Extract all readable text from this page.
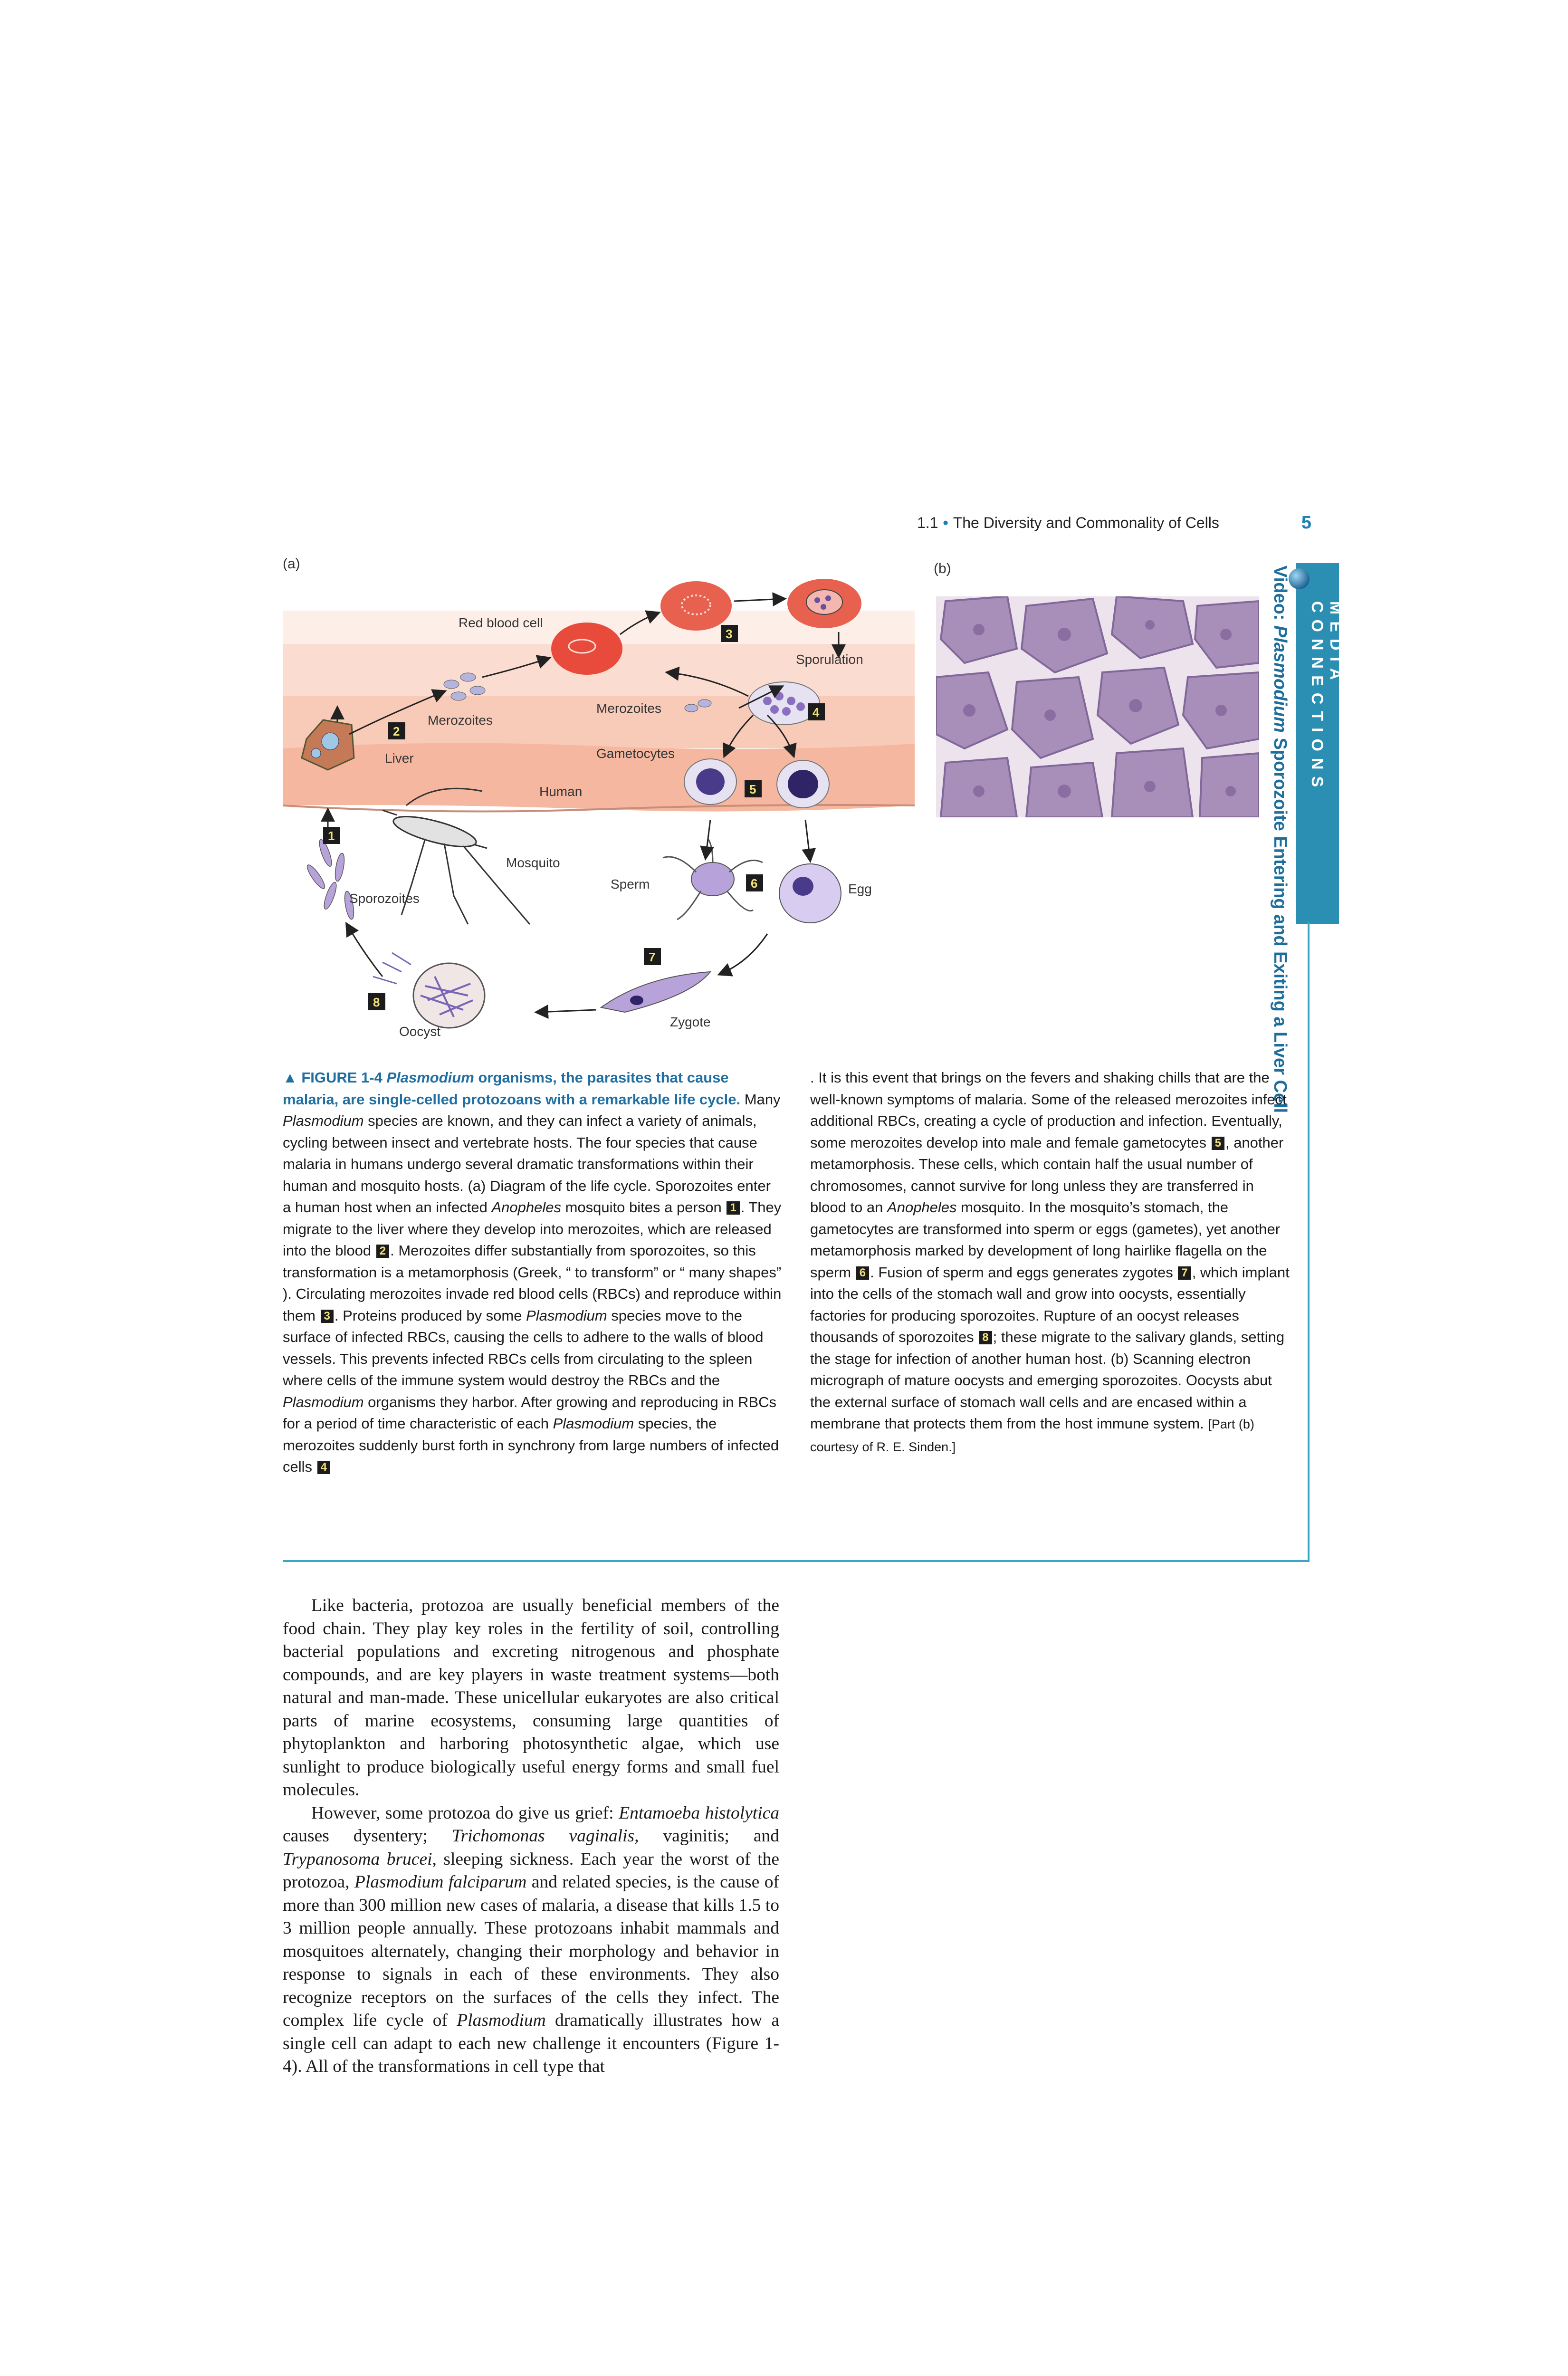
1.1 • The Diversity and Commonality of Cells	5
(a)	(b)
Red blood cell
Merozoites
Merozoites
Liver	Gametocytes
Human
Sporulation
Mosquito
Sporozoites
Sperm	Egg
Oocyst
Zygote
1
2
3
4
5
6
7
8
MEDIA CONNECTIONS
Video: Plasmodium Sporozoite Entering and Exiting a Liver Cell
▲ FIGURE 1-4 Plasmodium organisms, the parasites that cause malaria, are single-celled protozoans with a remarkable life cycle. Many Plasmodium species are known, and they can infect a variety of animals, cycling between insect and vertebrate hosts. The four species that cause malaria in humans undergo several dramatic transformations within their human and mosquito hosts. (a) Diagram of the life cycle. Sporozoites enter a human host when an infected Anopheles mosquito bites a person 1 . They migrate to the liver where they develop into merozoites, which are released into the blood 2 . Merozoites differ substantially from sporozoites, so this transformation is a metamorphosis (Greek, “ to transform” or “ many shapes” ). Circulating merozoites invade red blood cells (RBCs) and reproduce within them 3 . Proteins produced by some Plasmodium species move to the surface of infected RBCs, causing the cells to adhere to the walls of blood vessels. This prevents infected RBCs cells from circulating to the spleen where cells of the immune system would destroy the RBCs and the Plasmodium organisms they harbor. After growing and reproducing in RBCs for a period of time characteristic of each Plasmodium species, the merozoites suddenly burst forth in synchrony from large numbers of infected cells 4
. It is this event that brings on the fevers and shaking chills that are the well-known symptoms of malaria. Some of the released merozoites infect additional RBCs, creating a cycle of production and infection. Eventually, some merozoites develop into male and female gametocytes 5 , another metamorphosis. These cells, which contain half the usual number of chromosomes, cannot survive for long unless they are transferred in blood to an Anopheles mosquito. In the mosquito’s stomach, the gametocytes are transformed into sperm or eggs (gametes), yet another metamorphosis marked by development of long hairlike flagella on the sperm 6 . Fusion of sperm and eggs generates zygotes 7 , which implant into the cells of the stomach wall and grow into oocysts, essentially factories for producing sporozoites. Rupture of an oocyst releases thousands of sporozoites 8 ; these migrate to the salivary glands, setting the stage for infection of another human host. (b) Scanning electron micrograph of mature oocysts and emerging sporozoites. Oocysts abut the external surface of stomach wall cells and are encased within a membrane that protects them from the host immune system. [Part (b) courtesy of R. E. Sinden.]

Like bacteria, protozoa are usually beneficial members of the food chain. They play key roles in the fertility of soil, controlling bacterial populations and excreting nitrogenous and phosphate compounds, and are key players in waste treatment systems—both natural and man-made. These unicellular eukaryotes are also critical parts of marine ecosystems, consuming large quantities of phytoplankton and harboring photosynthetic algae, which use sunlight to produce biologically useful energy forms and small fuel molecules.

However, some protozoa do give us grief: Entamoeba histolytica causes dysentery; Trichomonas vaginalis, vaginitis; and Trypanosoma brucei, sleeping sickness. Each year the worst of the protozoa, Plasmodium falciparum and related species, is the cause of more than 300 million new cases of malaria, a disease that kills 1.5 to 3 million people annually. These protozoans inhabit mammals and mosquitoes alternately, changing their morphology and behavior in response to signals in each of these environments. They also recognize receptors on the surfaces of the cells they infect. The complex life cycle of Plasmodium dramatically illustrates how a single cell can adapt to each new challenge it encounters (Figure 1-4). All of the transformations in cell type that
